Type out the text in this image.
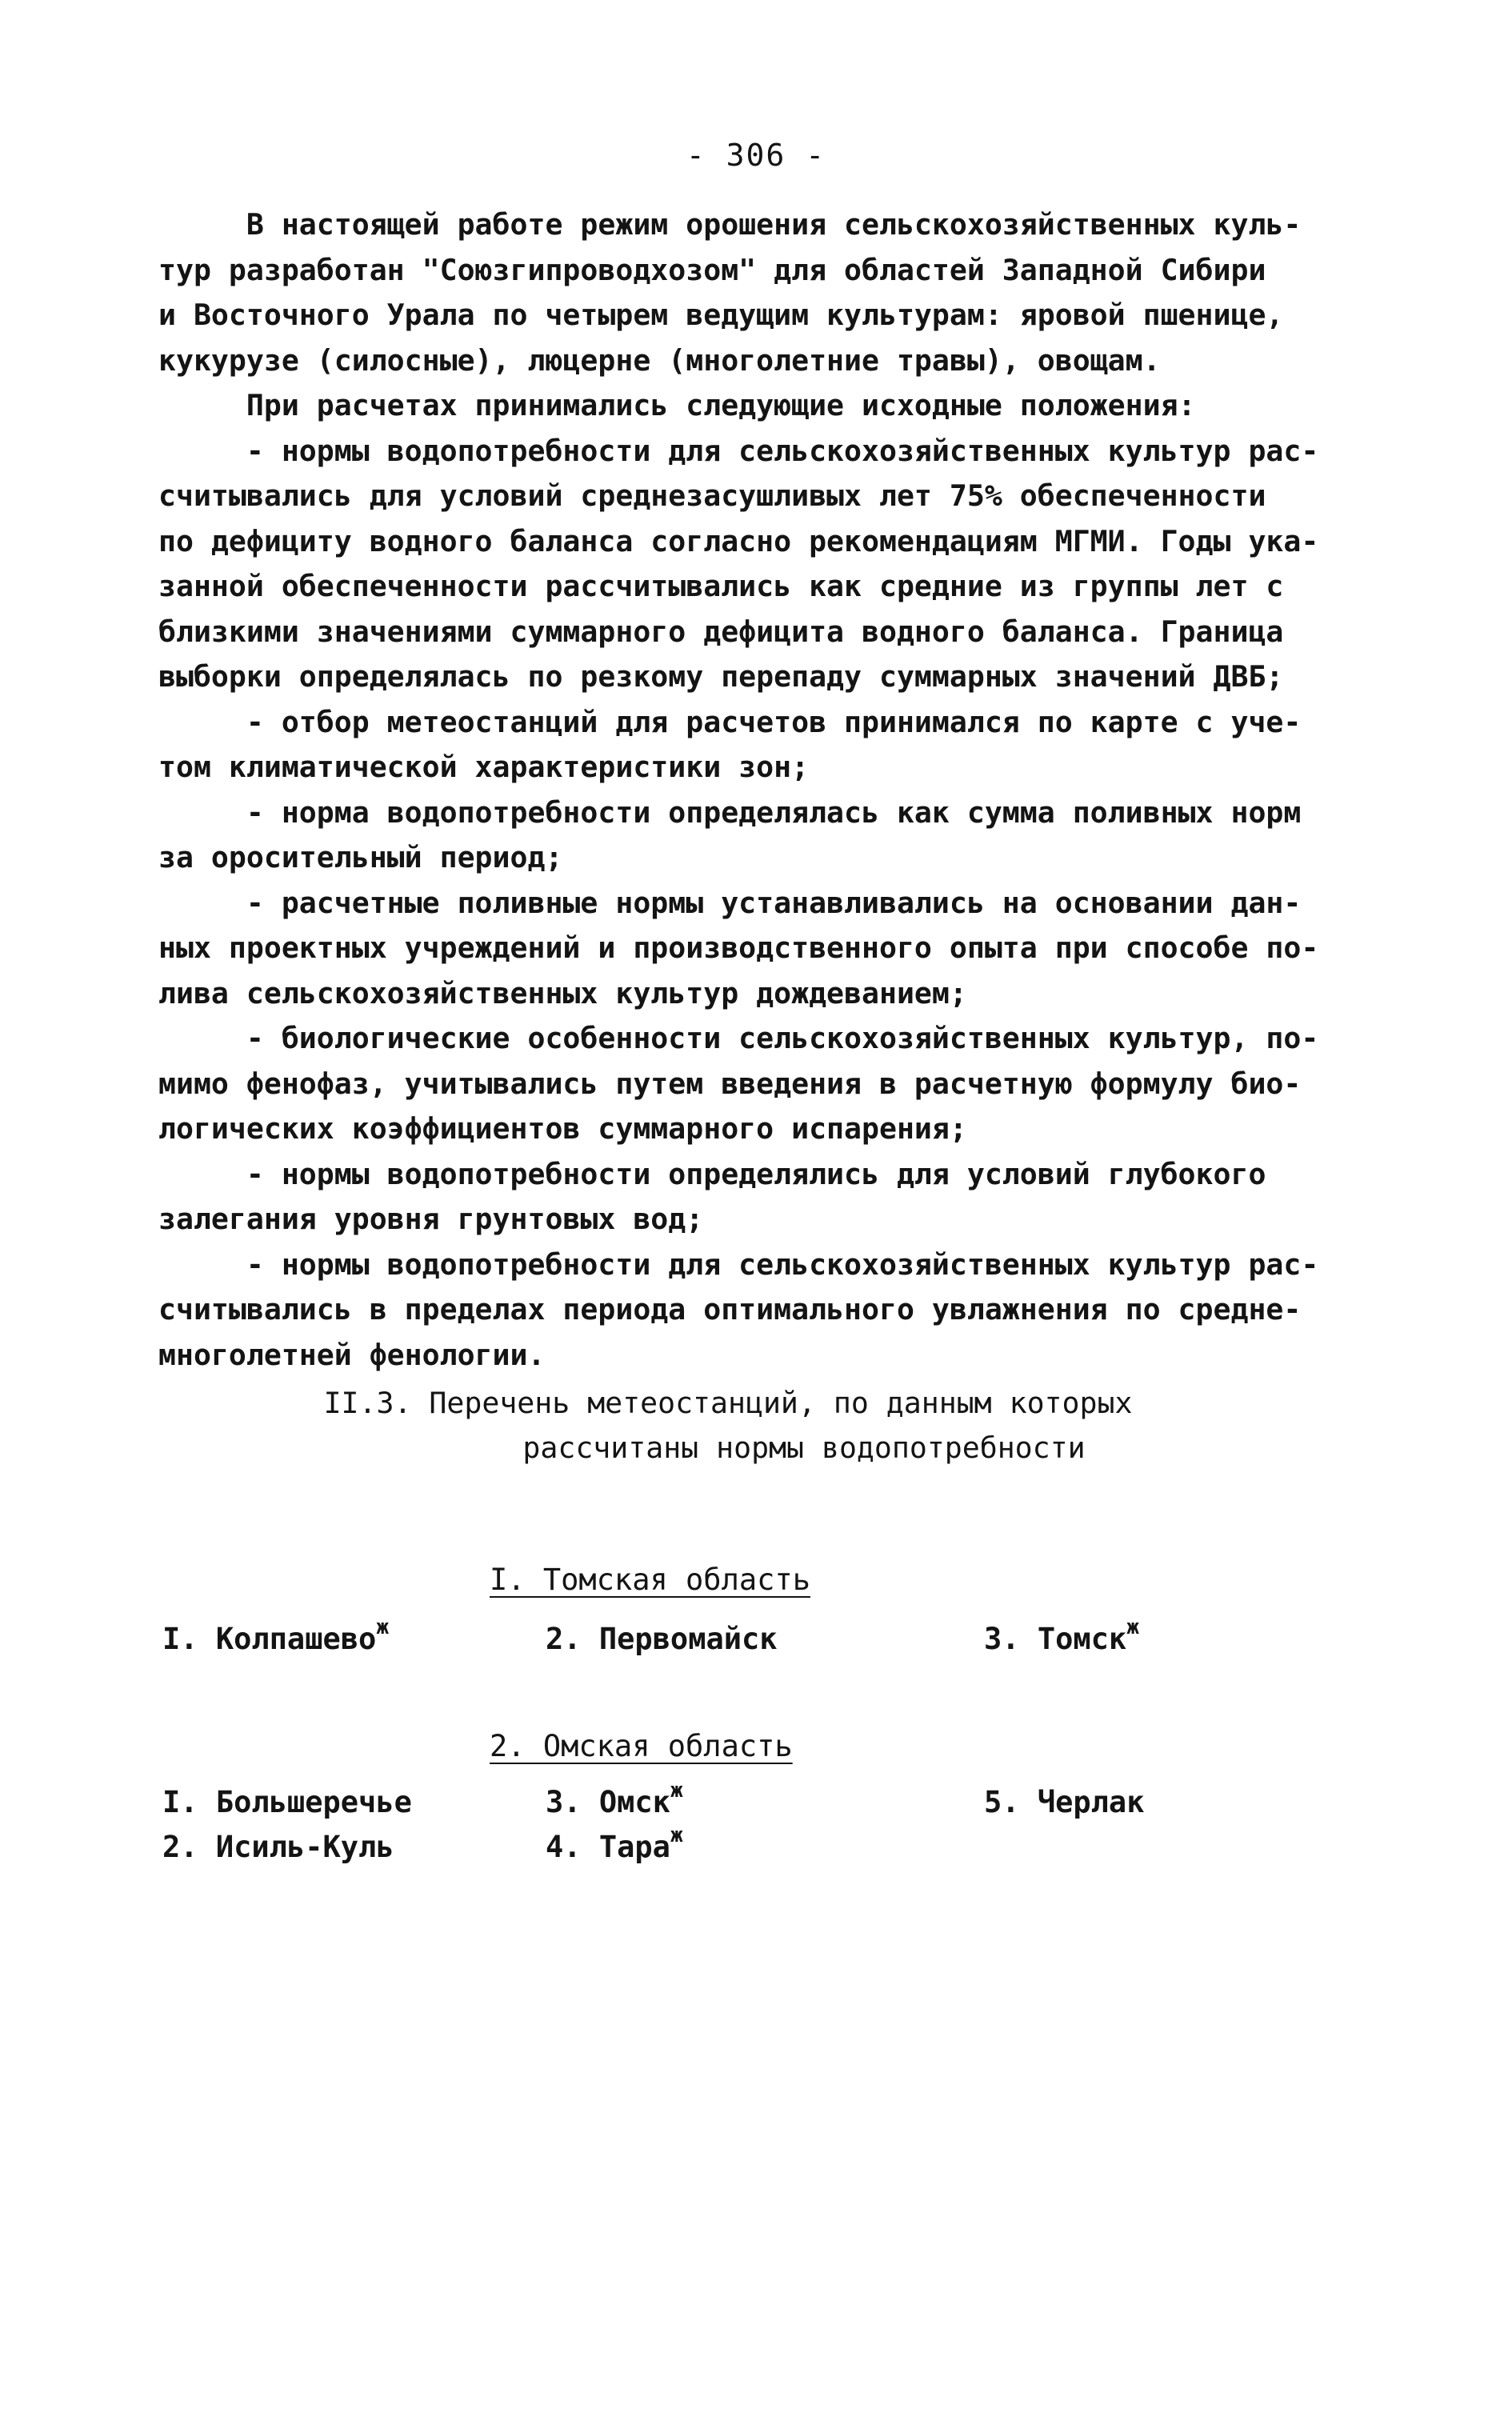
- 306 -
В настоящей работе режим орошения сельскохозяйственных куль-
тур разработан "Союзгипроводхозом" для областей Западной Сибири
и Восточного Урала по четырем ведущим культурам: яровой пшенице,
кукурузе (силосные), люцерне (многолетние травы), овощам.
При расчетах принимались следующие исходные положения:
- нормы водопотребности для сельскохозяйственных культур рас-
считывались для условий среднезасушливых лет 75% обеспеченности
по дефициту водного баланса согласно рекомендациям МГМИ. Годы ука-
занной обеспеченности рассчитывались как средние из группы лет с
близкими значениями суммарного дефицита водного баланса. Граница
выборки определялась по резкому перепаду суммарных значений ДВБ;
- отбор метеостанций для расчетов принимался по карте с уче-
том климатической характеристики зон;
- норма водопотребности определялась как сумма поливных норм
за оросительный период;
- расчетные поливные нормы устанавливались на основании дан-
ных проектных учреждений и производственного опыта при способе по-
лива сельскохозяйственных культур дождеванием;
- биологические особенности сельскохозяйственных культур, по-
мимо фенофаз, учитывались путем введения в расчетную формулу био-
логических коэффициентов суммарного испарения;
- нормы водопотребности определялись для условий глубокого
залегания уровня грунтовых вод;
- нормы водопотребности для сельскохозяйственных культур рас-
считывались в пределах периода оптимального увлажнения по средне-
многолетней фенологии.
II.3. Перечень метеостанций, по данным которых
рассчитаны нормы водопотребности
I. Томская область
I. Колпашево$^ж$	2. Первомайск	3. Томск$^ж$
2. Омская область
I. Большеречье
2. Исиль-Куль
3. Омск$^ж$
4. Тара$^ж$
5. Черлак
